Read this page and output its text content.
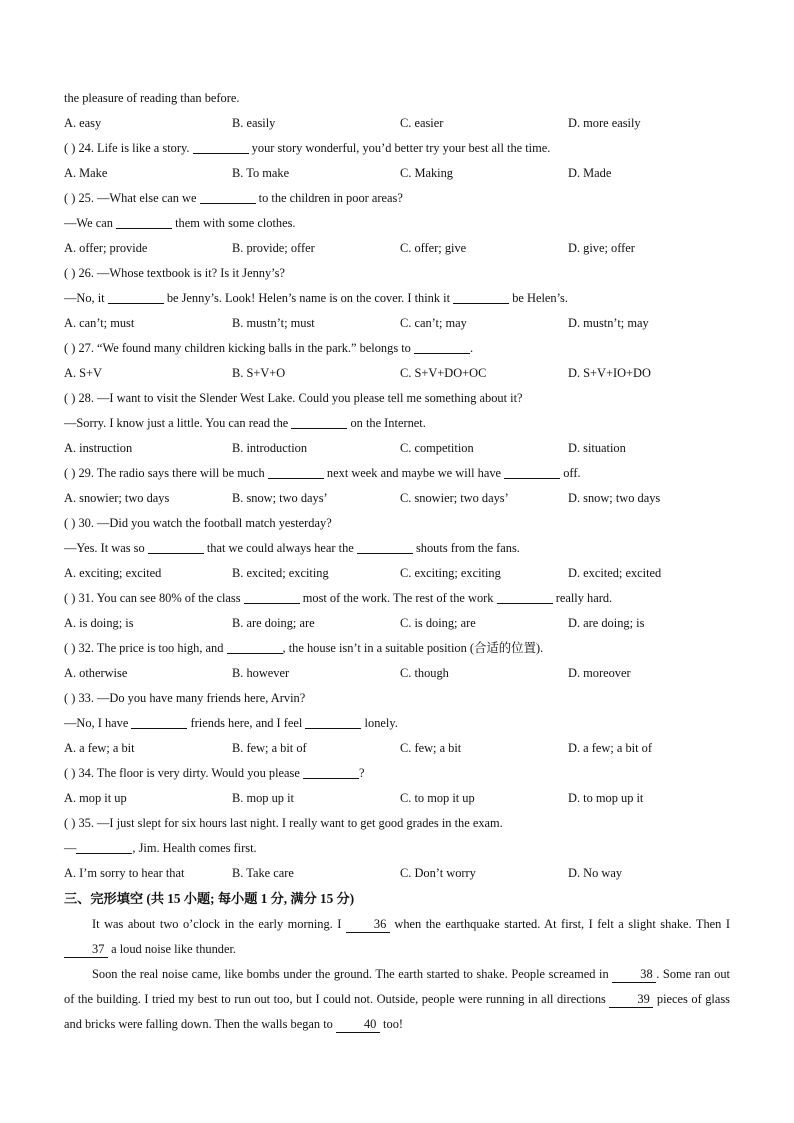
the pleasure of reading than before.
A. easy	B. easily	C. easier	D. more easily
( ) 24. Life is like a story.	your story wonderful, you’d better try your best all the time.
A. Make	B. To make	C. Making	D. Made
( ) 25. —What else can we	to the children in poor areas?
—We can	them with some clothes.
A. offer; provide	B. provide; offer	C. offer; give	D. give; offer
( ) 26. —Whose textbook is it? Is it Jenny’s?
—No, it	be Jenny’s. Look! Helen’s name is on the cover. I think it	be Helen’s.
A. can’t; must	B. mustn’t; must	C. can’t; may	D. mustn’t; may
( ) 27. “We found many children kicking balls in the park.” belongs to	.
A. S+V	B. S+V+O	C. S+V+DO+OC	D. S+V+IO+DO
( ) 28. —I want to visit the Slender West Lake. Could you please tell me something about it?
—Sorry. I know just a little. You can read the	on the Internet.
A. instruction	B. introduction	C. competition	D. situation
( ) 29. The radio says there will be much	next week and maybe we will have	off.
A. snowier; two days	B. snow; two days’	C. snowier; two days’	D. snow; two days
( ) 30. —Did you watch the football match yesterday?
—Yes. It was so	that we could always hear the	shouts from the fans.
A. exciting; excited	B. excited; exciting	C. exciting; exciting	D. excited; excited
( ) 31. You can see 80% of the class	most of the work. The rest of the work	really hard.
A. is doing; is	B. are doing; are	C. is doing; are	D. are doing; is
( ) 32. The price is too high, and	, the house isn’t in a suitable position (合适的位置).
A. otherwise	B. however	C. though	D. moreover
( ) 33. —Do you have many friends here, Arvin?
—No, I have	friends here, and I feel	lonely.
A. a few; a bit	B. few; a bit of	C. few; a bit	D. a few; a bit of
( ) 34. The floor is very dirty. Would you please	?
A. mop it up	B. mop up it	C. to mop it up	D. to mop up it
( ) 35. —I just slept for six hours last night. I really want to get good grades in the exam.
—	, Jim. Health comes first.
A. I’m sorry to hear that	B. Take care	C. Don’t worry	D. No way
三、完形填空 (共 15 小题; 每小题 1 分, 满分 15 分)
It was about two o’clock in the early morning. I 36 when the earthquake started. At first, I felt a slight shake. Then I 37 a loud noise like thunder.
Soon the real noise came, like bombs under the ground. The earth started to shake. People screamed in 38 . Some ran out of the building. I tried my best to run out too, but I could not. Outside, people were running in all directions 39 pieces of glass and bricks were falling down. Then the walls began to 40 too!
